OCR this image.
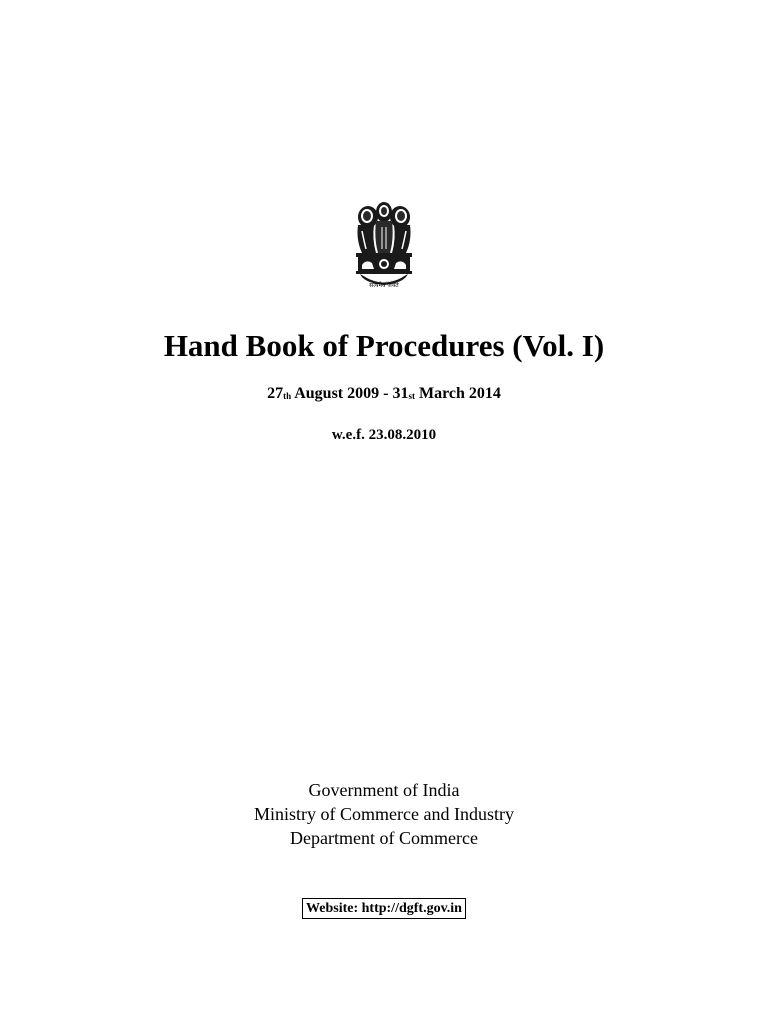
सत्यमेव जयते
Hand Book of Procedures (Vol. I)
27th August 2009 - 31st March 2014
w.e.f. 23.08.2010
Government of India
Ministry of Commerce and Industry
Department of Commerce
Website: http://dgft.gov.in
